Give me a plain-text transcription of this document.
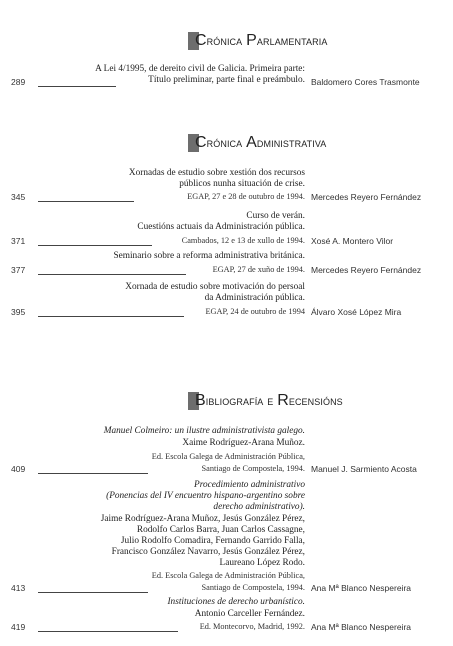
Crónica Parlamentaria
A Lei 4/1995, de dereito civil de Galicia. Primeira parte:
Título preliminar, parte final e preámbulo.
289	Baldomero Cores Trasmonte
Crónica Administrativa
Xornadas de estudio sobre xestión dos recursos
públicos nunha situación de crise.
EGAP, 27 e 28 de outubro de 1994.
345	Mercedes Reyero Fernández
Curso de verán.
Cuestións actuais da Administración pública.
Cambados, 12 e 13 de xullo de 1994.
371	Xosé A. Montero Vilor
Seminario sobre a reforma administrativa británica.
EGAP, 27 de xuño de 1994.
377	Mercedes Reyero Fernández
Xornada de estudio sobre motivación do persoal
da Administración pública.
EGAP, 24 de outubro de 1994
395	Álvaro Xosé López Mira
Bibliografía e Recensións
Manuel Colmeiro: un ilustre administrativista galego.
Xaime Rodríguez-Arana Muñoz.
Ed. Escola Galega de Administración Pública,
Santiago de Compostela, 1994.
409	Manuel J. Sarmiento Acosta
Procedimiento administrativo
(Ponencias del IV encuentro hispano-argentino sobre
derecho administrativo).
Jaime Rodríguez-Arana Muñoz, Jesús González Pérez,
Rodolfo Carlos Barra, Juan Carlos Cassagne,
Julio Rodolfo Comadira, Fernando Garrido Falla,
Francisco González Navarro, Jesús González Pérez,
Laureano López Rodo.
Ed. Escola Galega de Administración Pública,
Santiago de Compostela, 1994.
413	Ana Mª Blanco Nespereira
Instituciones de derecho urbanístico.
Antonio Carceller Fernández.
Ed. Montecorvo, Madrid, 1992.
419	Ana Mª Blanco Nespereira
